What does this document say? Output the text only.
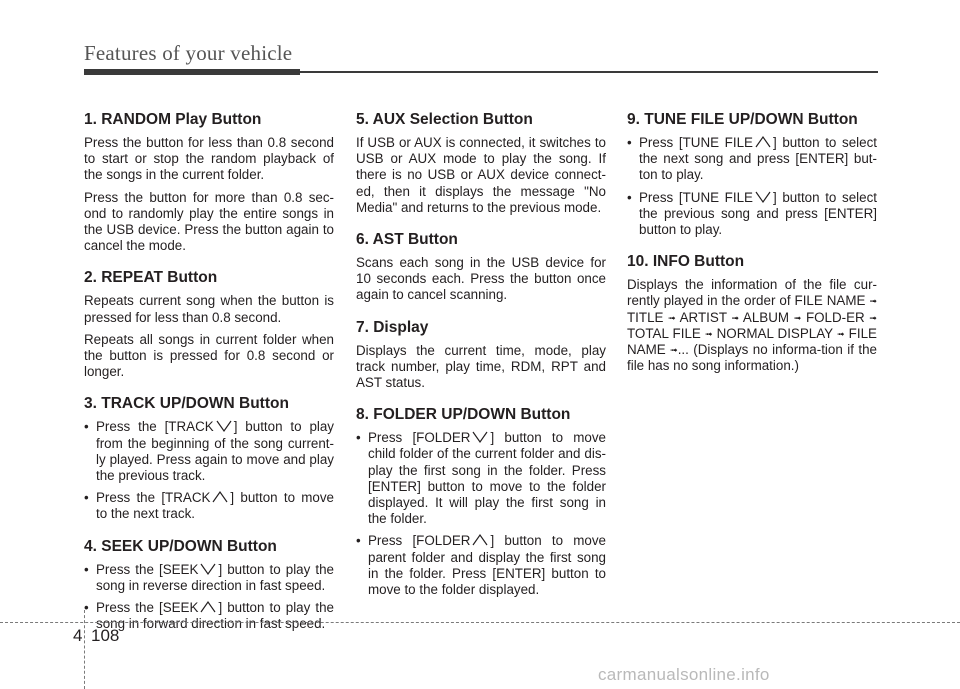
Features of your vehicle
1. RANDOM Play Button

Press the button for less than 0.8 second to start or stop the random playback of the songs in the current folder.

Press the button for more than 0.8 sec-ond to randomly play the entire songs in the USB device. Press the button again to cancel the mode.

2. REPEAT Button

Repeats current song when the button is pressed for less than 0.8 second.

Repeats all songs in current folder when the button is pressed for 0.8 second or longer.

3. TRACK UP/DOWN Button
• Press the [TRACK ] button to play from the beginning of the song current-ly played. Press again to move and play the previous track.
• Press the [TRACK ] button to move to the next track.
4. SEEK UP/DOWN Button
• Press the [SEEK ] button to play the song in reverse direction in fast speed.
• Press the [SEEK ] button to play the song in forward direction in fast speed.
5. AUX Selection Button

If USB or AUX is connected, it switches to USB or AUX mode to play the song. If there is no USB or AUX device connect-ed, then it displays the message "No Media" and returns to the previous mode.

6. AST Button

Scans each song in the USB device for 10 seconds each. Press the button once again to cancel scanning.

7. Display

Displays the current time, mode, play track number, play time, RDM, RPT and AST status.

8. FOLDER UP/DOWN Button
• Press [FOLDER ] button to move child folder of the current folder and dis-play the first song in the folder. Press [ENTER] button to move to the folder displayed. It will play the first song in the folder.
• Press [FOLDER ] button to move parent folder and display the first song in the folder. Press [ENTER] button to move to the folder displayed.
9. TUNE FILE UP/DOWN Button
• Press [TUNE FILE ] button to select the next song and press [ENTER] but-ton to play.
• Press [TUNE FILE ] button to select the previous song and press [ENTER] button to play.
10. INFO Button

Displays the information of the file cur-rently played in the order of FILE NAME ➟ TITLE ➟ ARTIST ➟ ALBUM ➟ FOLD-ER ➟ TOTAL FILE ➟ NORMAL DISPLAY ➟ FILE NAME ➟... (Displays no informa-tion if the file has no song information.)

4 108
carmanualsonline.info
